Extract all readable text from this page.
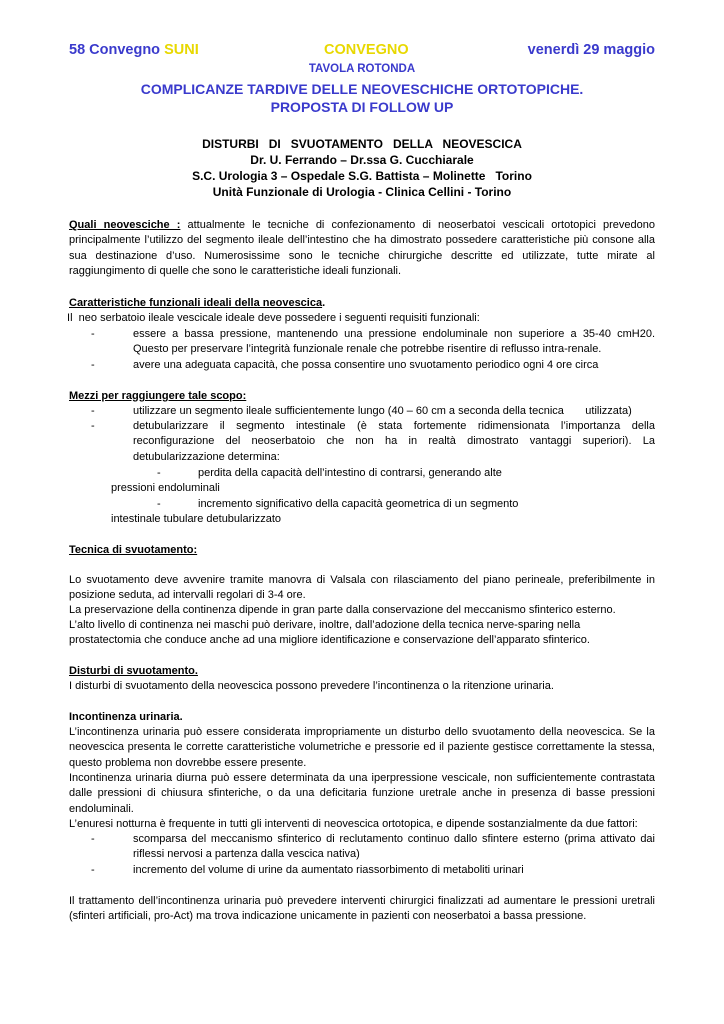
58 Convegno SUNI	CONVEGNO	venerdì 29 maggio
TAVOLA ROTONDA
COMPLICANZE TARDIVE DELLE NEOVESCHICHE ORTOTOPICHE.
PROPOSTA DI FOLLOW UP
DISTURBI   DI   SVUOTAMENTO   DELLA   NEOVESCICA
Dr. U. Ferrando – Dr.ssa G. Cucchiarale
S.C. Urologia 3 – Ospedale S.G. Battista – Molinette   Torino
Unità Funzionale di Urologia - Clinica Cellini - Torino
Quali neovesciche : attualmente le tecniche di confezionamento di neoserbatoi vescicali ortotopici prevedono principalmente l’utilizzo del segmento ileale dell’intestino che ha dimostrato possedere caratteristiche più consone alla sua destinazione d’uso. Numerosissime sono le tecniche chirurgiche descritte ed utilizzate, tutte mirate al raggiungimento di quelle che sono le caratteristiche ideali funzionali.
Caratteristiche funzionali ideali della neovescica.
Il  neo serbatoio ileale vescicale ideale deve possedere i seguenti requisiti funzionali:
-	essere a bassa pressione, mantenendo una pressione endoluminale non superiore a 35-40 cmH20. Questo per preservare l’integrità funzionale renale che potrebbe risentire di reflusso intra-renale.
-	avere una adeguata capacità, che possa consentire uno svuotamento periodico ogni 4 ore circa
Mezzi per raggiungere tale scopo:
-	utilizzare un segmento ileale sufficientemente lungo (40 – 60 cm a seconda della tecnica       utilizzata)
-	detubularizzare il segmento intestinale (è stata fortemente ridimensionata l’importanza della reconfigurazione del neoserbatoio che non ha in realtà dimostrato vantaggi superiori). La detubularizzazione determina:
-	perdita della capacità dell’intestino di contrarsi, generando alte
pressioni endoluminali
-	incremento significativo della capacità geometrica di un segmento
intestinale tubulare detubularizzato
Tecnica di svuotamento:
Lo svuotamento deve avvenire tramite manovra di Valsala con rilasciamento del piano perineale, preferibilmente in posizione seduta, ad intervalli regolari di 3-4 ore.
La preservazione della continenza dipende in gran parte dalla conservazione del meccanismo sfinterico esterno.
L’alto livello di continenza nei maschi può derivare, inoltre, dall’adozione della tecnica nerve-sparing nella prostatectomia che conduce anche ad una migliore identificazione e conservazione dell’apparato sfinterico.
Disturbi di svuotamento.
I disturbi di svuotamento della neovescica possono prevedere l’incontinenza o la ritenzione urinaria.
Incontinenza urinaria.
L’incontinenza urinaria può essere considerata impropriamente un disturbo dello svuotamento della neovescica. Se la neovescica presenta le corrette caratteristiche volumetriche e pressorie ed il paziente gestisce correttamente la stessa, questo problema non dovrebbe essere presente.
Incontinenza urinaria diurna può essere determinata da una iperpressione vescicale, non sufficientemente contrastata dalle pressioni di chiusura sfinteriche, o da una deficitaria funzione uretrale anche in presenza di basse pressioni endoluminali.
L’enuresi notturna è frequente in tutti gli interventi di neovescica ortotopica, e dipende sostanzialmente da due fattori:
-	scomparsa del meccanismo sfinterico di reclutamento continuo dallo sfintere esterno (prima attivato dai riflessi nervosi a partenza dalla vescica nativa)
-	incremento del volume di urine da aumentato riassorbimento di metaboliti urinari
Il trattamento dell’incontinenza urinaria può prevedere interventi chirurgici finalizzati ad aumentare le pressioni uretrali (sfinteri artificiali, pro-Act) ma trova indicazione unicamente in pazienti con neoserbatoi a bassa pressione.
